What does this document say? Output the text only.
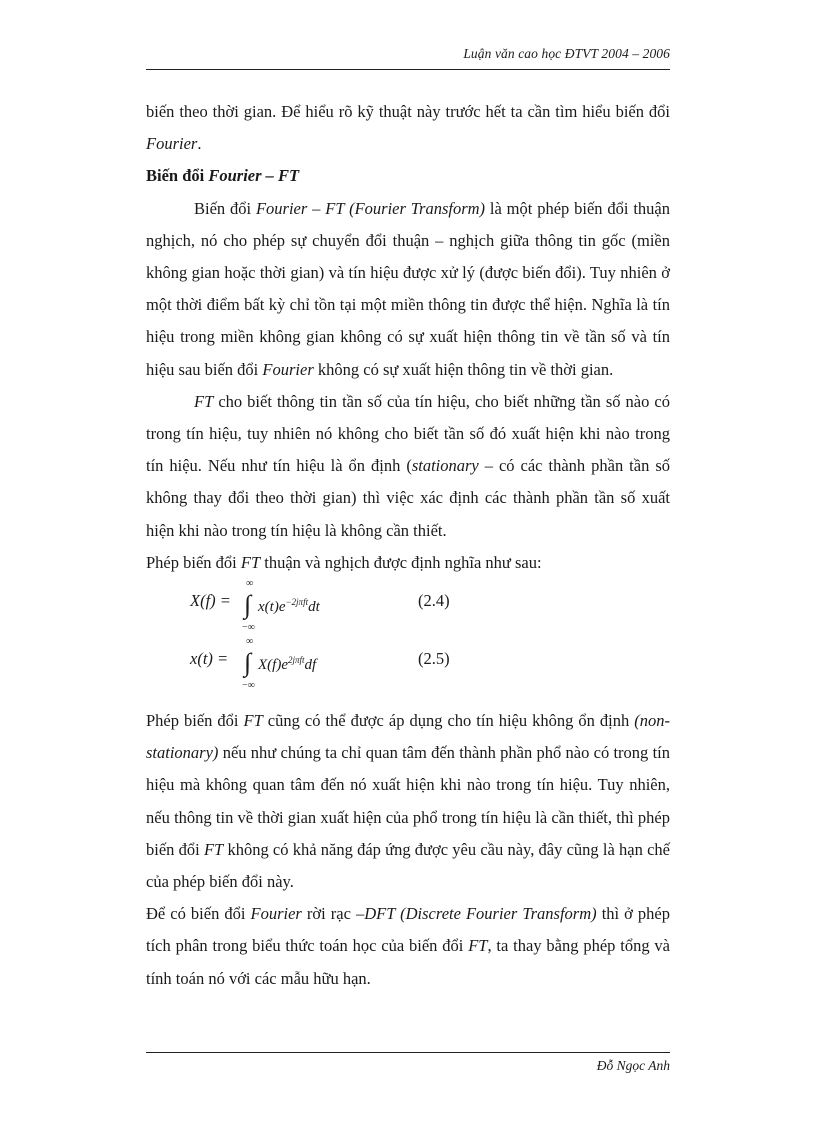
Luận văn cao học ĐTVT 2004 – 2006

biến theo thời gian. Để hiểu rõ kỹ thuật này trước hết ta cần tìm hiểu biến đổi Fourier.

Biến đổi Fourier – FT

Biến đổi Fourier – FT (Fourier Transform) là một phép biến đổi thuận nghịch, nó cho phép sự chuyển đổi thuận – nghịch giữa thông tin gốc (miền không gian hoặc thời gian) và tín hiệu được xử lý (được biến đổi). Tuy nhiên ở một thời điểm bất kỳ chỉ tồn tại một miền thông tin được thể hiện. Nghĩa là tín hiệu trong miền không gian không có sự xuất hiện thông tin về tần số và tín hiệu sau biến đổi Fourier không có sự xuất hiện thông tin về thời gian.

FT cho biết thông tin tần số của tín hiệu, cho biết những tần số nào có trong tín hiệu, tuy nhiên nó không cho biết tần số đó xuất hiện khi nào trong tín hiệu. Nếu như tín hiệu là ổn định (stationary – có các thành phần tần số không thay đổi theo thời gian) thì việc xác định các thành phần tần số xuất hiện khi nào trong tín hiệu là không cần thiết.

Phép biến đổi FT thuận và nghịch được định nghĩa như sau:

X(f) =
∞
∫
−∞
$x(t)e^{-2j\pi ft}dt$	(2.4)
x(t) =
∞
∫
−∞
$X(f)e^{2j\pi ft}df$	(2.5)

Phép biến đổi FT cũng có thể được áp dụng cho tín hiệu không ổn định (non-stationary) nếu như chúng ta chỉ quan tâm đến thành phần phổ nào có trong tín hiệu mà không quan tâm đến nó xuất hiện khi nào trong tín hiệu. Tuy nhiên, nếu thông tin về thời gian xuất hiện của phổ trong tín hiệu là cần thiết, thì phép biến đổi FT không có khả năng đáp ứng được yêu cầu này, đây cũng là hạn chế của phép biến đổi này.

Để có biến đổi Fourier rời rạc –DFT (Discrete Fourier Transform) thì ở phép tích phân trong biểu thức toán học của biến đổi FT, ta thay bằng phép tổng và tính toán nó với các mẫu hữu hạn.

Đỗ Ngọc Anh
